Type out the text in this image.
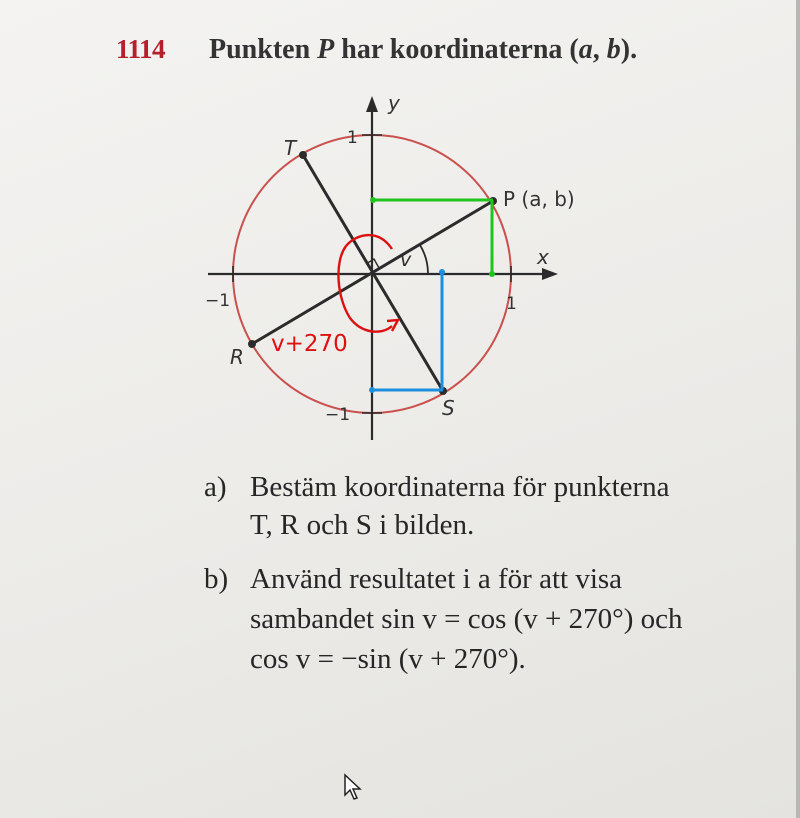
1114 Punkten P har koordinaterna (a, b).
y
x
1
−1
1
−1
v
T
R
S
P (a, b)
v+270
a) Bestäm koordinaterna för punkterna
T, R och S i bilden.
b) Använd resultatet i a för att visa
sambandet sin v = cos (v + 270°) och
cos v = −sin (v + 270°).
